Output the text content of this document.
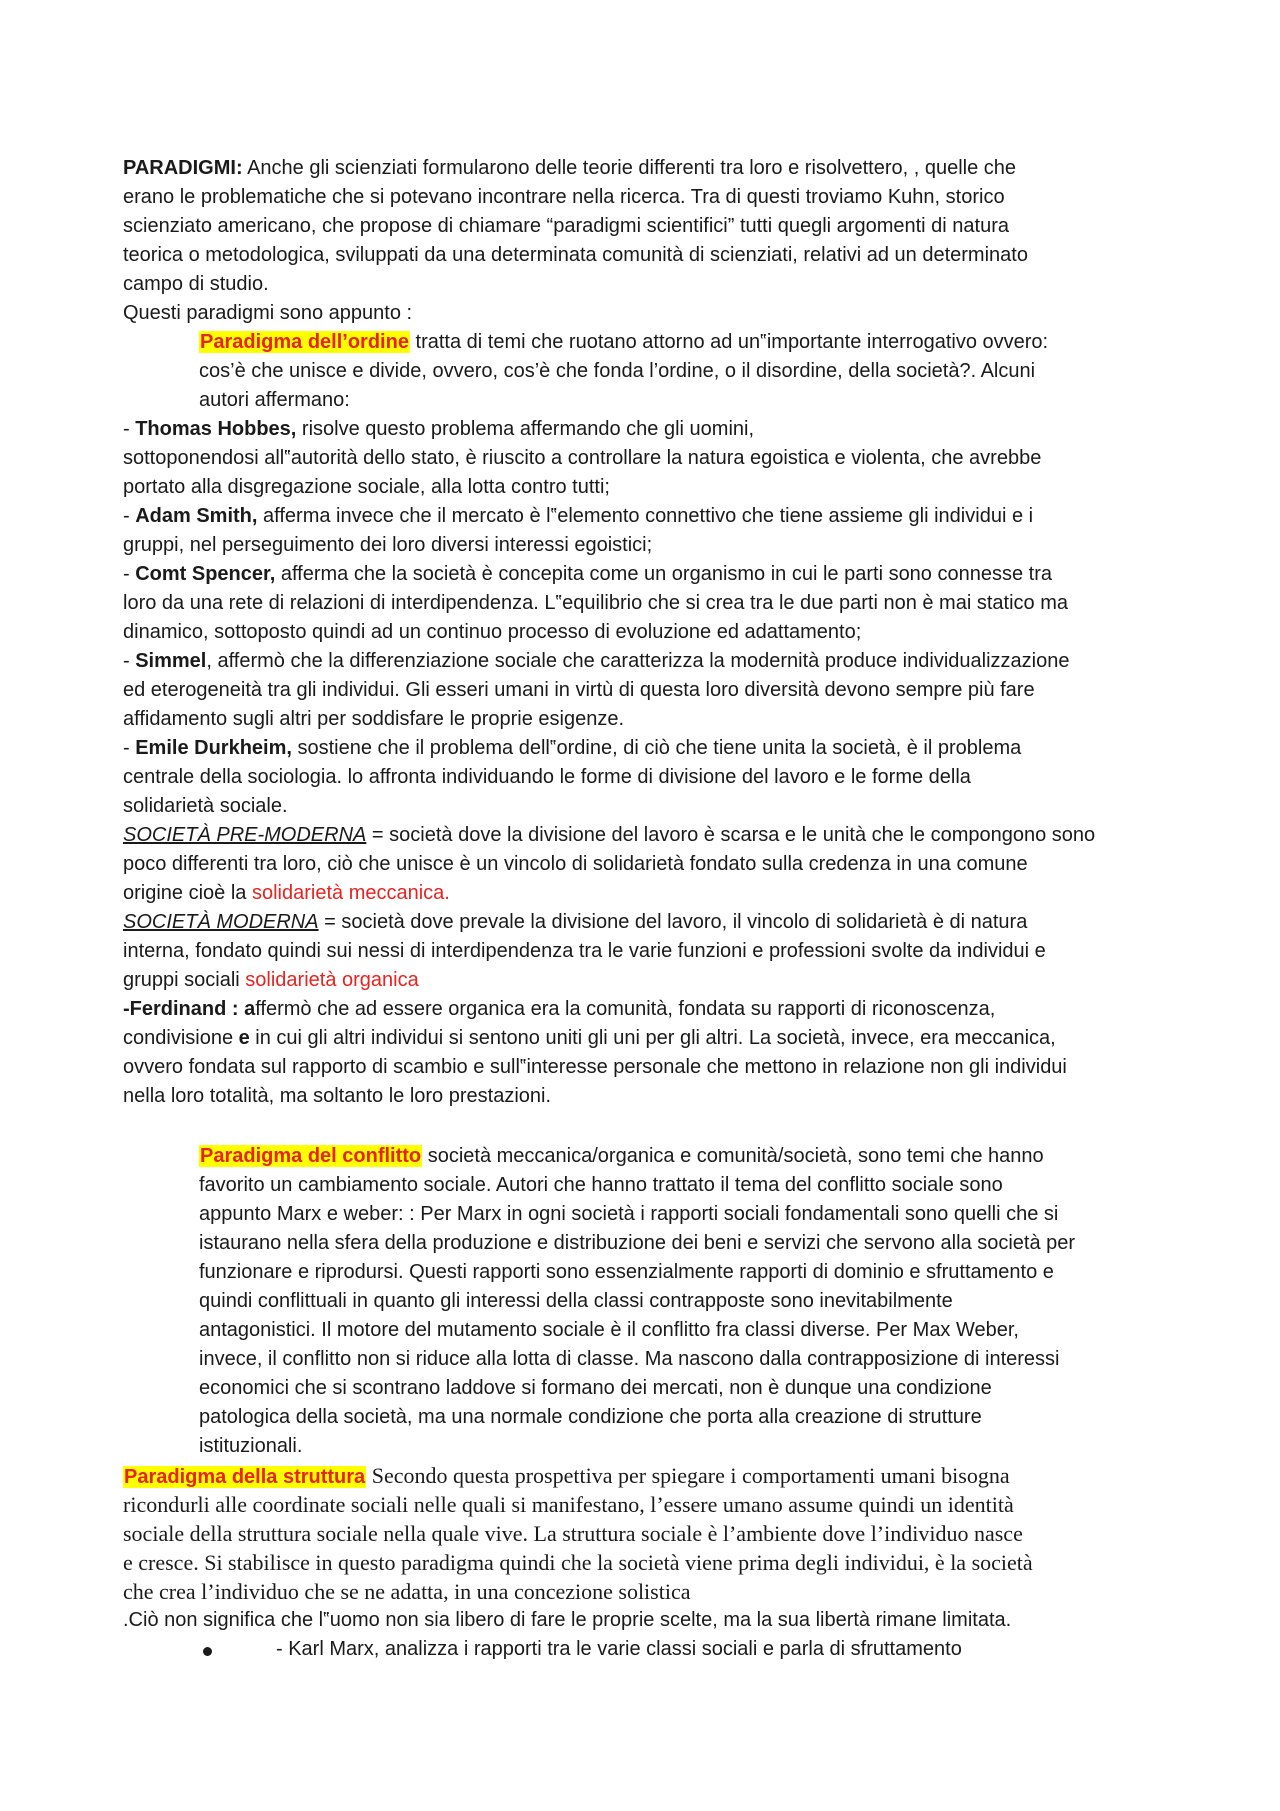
PARADIGMI: Anche gli scienziati formularono delle teorie differenti tra loro e risolvettero, , quelle che
erano le problematiche che si potevano incontrare nella ricerca. Tra di questi troviamo Kuhn, storico
scienziato americano, che propose di chiamare “paradigmi scientifici” tutti quegli argomenti di natura
teorica o metodologica, sviluppati da una determinata comunità di scienziati, relativi ad un determinato
campo di studio.
Questi paradigmi sono appunto :
Paradigma dell’ordine tratta di temi che ruotano attorno ad un‟importante interrogativo ovvero:
cos’è che unisce e divide, ovvero, cos’è che fonda l’ordine, o il disordine, della società?. Alcuni
autori affermano:
- Thomas Hobbes, risolve questo problema affermando che gli uomini,
sottoponendosi all‟autorità dello stato, è riuscito a controllare la natura egoistica e violenta, che avrebbe
portato alla disgregazione sociale, alla lotta contro tutti;
- Adam Smith, afferma invece che il mercato è l‟elemento connettivo che tiene assieme gli individui e i
gruppi, nel perseguimento dei loro diversi interessi egoistici;
- Comt Spencer, afferma che la società è concepita come un organismo in cui le parti sono connesse tra
loro da una rete di relazioni di interdipendenza. L‟equilibrio che si crea tra le due parti non è mai statico ma
dinamico, sottoposto quindi ad un continuo processo di evoluzione ed adattamento;
- Simmel, affermò che la differenziazione sociale che caratterizza la modernità produce individualizzazione
ed eterogeneità tra gli individui. Gli esseri umani in virtù di questa loro diversità devono sempre più fare
affidamento sugli altri per soddisfare le proprie esigenze.
- Emile Durkheim, sostiene che il problema dell‟ordine, di ciò che tiene unita la società, è il problema
centrale della sociologia. lo affronta individuando le forme di divisione del lavoro e le forme della
solidarietà sociale.
SOCIETÀ PRE-MODERNA = società dove la divisione del lavoro è scarsa e le unità che le compongono sono
poco differenti tra loro, ciò che unisce è un vincolo di solidarietà fondato sulla credenza in una comune
origine cioè la solidarietà meccanica.
SOCIETÀ MODERNA = società dove prevale la divisione del lavoro, il vincolo di solidarietà è di natura
interna, fondato quindi sui nessi di interdipendenza tra le varie funzioni e professioni svolte da individui e
gruppi sociali solidarietà organica
-Ferdinand : affermò che ad essere organica era la comunità, fondata su rapporti di riconoscenza,
condivisione e in cui gli altri individui si sentono uniti gli uni per gli altri. La società, invece, era meccanica,
ovvero fondata sul rapporto di scambio e sull‟interesse personale che mettono in relazione non gli individui
nella loro totalità, ma soltanto le loro prestazioni.
Paradigma del conflitto società meccanica/organica e comunità/società, sono temi che hanno
favorito un cambiamento sociale. Autori che hanno trattato il tema del conflitto sociale sono
appunto Marx e weber: : Per Marx in ogni società i rapporti sociali fondamentali sono quelli che si
istaurano nella sfera della produzione e distribuzione dei beni e servizi che servono alla società per
funzionare e riprodursi. Questi rapporti sono essenzialmente rapporti di dominio e sfruttamento e
quindi conflittuali in quanto gli interessi della classi contrapposte sono inevitabilmente
antagonistici. Il motore del mutamento sociale è il conflitto fra classi diverse. Per Max Weber,
invece, il conflitto non si riduce alla lotta di classe. Ma nascono dalla contrapposizione di interessi
economici che si scontrano laddove si formano dei mercati, non è dunque una condizione
patologica della società, ma una normale condizione che porta alla creazione di strutture
istituzionali.
Paradigma della struttura Secondo questa prospettiva per spiegare i comportamenti umani bisogna
ricondurli alle coordinate sociali nelle quali si manifestano, l’essere umano assume quindi un identità
sociale della struttura sociale nella quale vive. La struttura sociale è l’ambiente dove l’individuo nasce
e cresce. Si stabilisce in questo paradigma quindi che la società viene prima degli individui, è la società
che crea l’individuo che se ne adatta, in una concezione solistica
.Ciò non significa che l‟uomo non sia libero di fare le proprie scelte, ma la sua libertà rimane limitata.
- Karl Marx, analizza i rapporti tra le varie classi sociali e parla di sfruttamento
